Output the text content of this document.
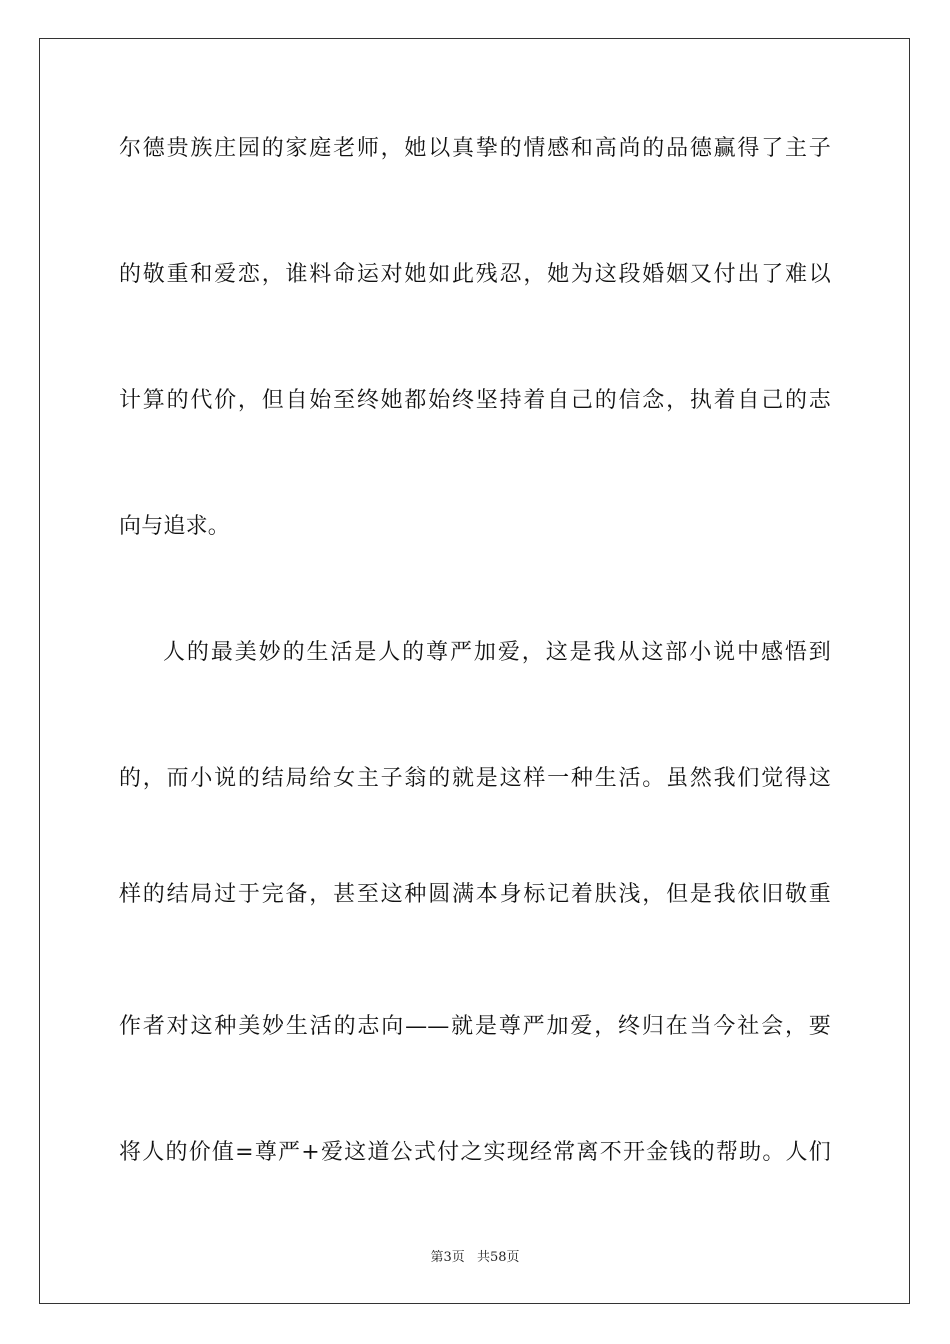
尔德贵族庄园的家庭老师，她以真挚的情感和高尚的品德赢得了主子
的敬重和爱恋，谁料命运对她如此残忍，她为这段婚姻又付出了难以
计算的代价，但自始至终她都始终坚持着自己的信念，执着自己的志
向与追求。
人的最美妙的生活是人的尊严加爱，这是我从这部小说中感悟到
的，而小说的结局给女主子翁的就是这样一种生活。虽然我们觉得这
样的结局过于完备，甚至这种圆满本身标记着肤浅，但是我依旧敬重
作者对这种美妙生活的志向——就是尊严加爱，终归在当今社会，要
将人的价值=尊严+爱这道公式付之实现经常离不开金钱的帮助。人们
第3页 共58页
